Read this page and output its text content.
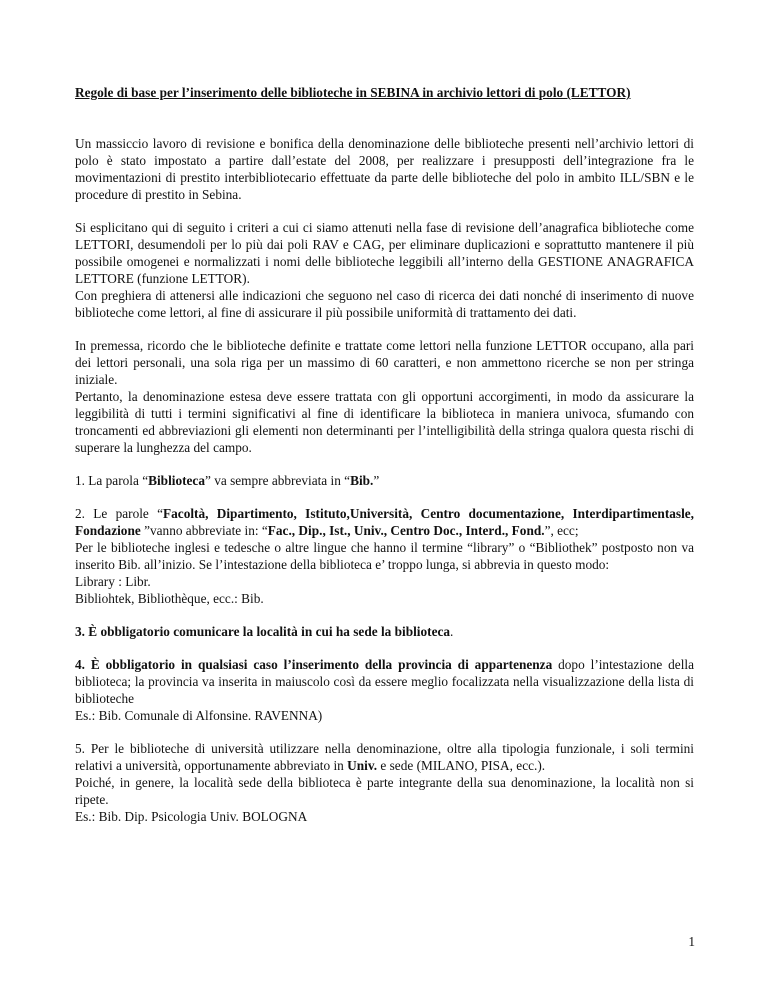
Regole di base per l’inserimento delle biblioteche in SEBINA in archivio lettori di polo (LETTOR)

Un massiccio lavoro di revisione e bonifica della denominazione delle biblioteche presenti nell’archivio lettori di polo è stato impostato a partire dall’estate del 2008, per realizzare i presupposti dell’integrazione fra le movimentazioni di prestito interbibliotecario effettuate da parte delle biblioteche del polo in ambito ILL/SBN e le procedure di prestito in Sebina.

Si esplicitano qui di seguito i criteri a cui ci siamo attenuti nella fase di revisione dell’anagrafica biblioteche come LETTORI, desumendoli per lo più dai poli RAV e CAG, per eliminare duplicazioni e soprattutto mantenere il più possibile omogenei e normalizzati i nomi delle biblioteche leggibili all’interno della GESTIONE ANAGRAFICA LETTORE (funzione LETTOR).
Con preghiera di attenersi alle indicazioni che seguono nel caso di ricerca dei dati nonché di inserimento di nuove biblioteche come lettori, al fine di assicurare il più possibile uniformità di trattamento dei dati.

In premessa, ricordo che le biblioteche definite e trattate come lettori nella funzione LETTOR occupano, alla pari dei lettori personali, una sola riga per un massimo di 60 caratteri, e non ammettono ricerche se non per stringa iniziale.
Pertanto, la denominazione estesa deve essere trattata con gli opportuni accorgimenti, in modo da assicurare la leggibilità di tutti i termini significativi al fine di identificare la biblioteca in maniera univoca, sfumando con troncamenti ed abbreviazioni gli elementi non determinanti per l’intelligibilità della stringa qualora questa rischi di superare la lunghezza del campo.

1. La parola “Biblioteca” va sempre abbreviata in “Bib.”

2. Le parole “Facoltà, Dipartimento, Istituto,Università, Centro documentazione, Interdipartimentasle, Fondazione ”vanno abbreviate in: “Fac., Dip., Ist., Univ., Centro Doc., Interd., Fond.”, ecc;
Per le biblioteche inglesi e tedesche o altre lingue che hanno il termine “library” o “Bibliothek” postposto non va inserito Bib. all’inizio. Se l’intestazione della biblioteca e’ troppo lunga, si abbrevia in questo modo:
Library : Libr.
Bibliohtek, Bibliothèque, ecc.: Bib.

3. È obbligatorio comunicare la località in cui ha sede la biblioteca.

4. È obbligatorio in qualsiasi caso l’inserimento della provincia di appartenenza dopo l’intestazione della biblioteca; la provincia va inserita in maiuscolo così da essere meglio focalizzata nella visualizzazione della lista di biblioteche
Es.: Bib. Comunale di Alfonsine. RAVENNA)

5. Per le biblioteche di università utilizzare nella denominazione, oltre alla tipologia funzionale, i soli termini relativi a università, opportunamente abbreviato in Univ. e sede (MILANO, PISA, ecc.).
Poiché, in genere, la località sede della biblioteca è parte integrante della sua denominazione, la località non si ripete.
Es.: Bib. Dip. Psicologia Univ. BOLOGNA

1
